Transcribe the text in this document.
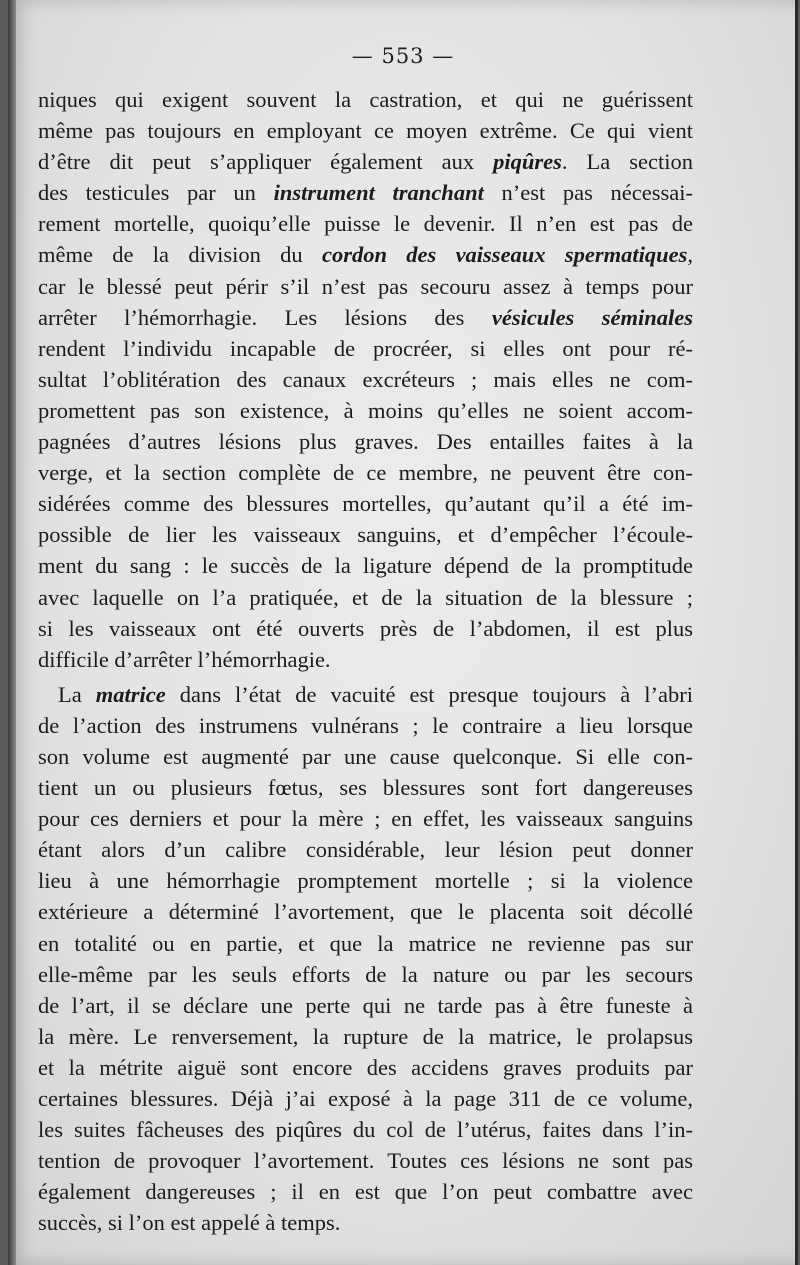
— 553 —
niques qui exigent souvent la castration, et qui ne guérissent
même pas toujours en employant ce moyen extrême. Ce qui vient
d’être dit peut s’appliquer également aux piqûres. La section
des testicules par un instrument tranchant n’est pas nécessai-
rement mortelle, quoiqu’elle puisse le devenir. Il n’en est pas de
même de la division du cordon des vaisseaux spermatiques,
car le blessé peut périr s’il n’est pas secouru assez à temps pour
arrêter l’hémorrhagie. Les lésions des vésicules séminales
rendent l’individu incapable de procréer, si elles ont pour ré-
sultat l’oblitération des canaux excréteurs ; mais elles ne com-
promettent pas son existence, à moins qu’elles ne soient accom-
pagnées d’autres lésions plus graves. Des entailles faites à la
verge, et la section complète de ce membre, ne peuvent être con-
sidérées comme des blessures mortelles, qu’autant qu’il a été im-
possible de lier les vaisseaux sanguins, et d’empêcher l’écoule-
ment du sang : le succès de la ligature dépend de la promptitude
avec laquelle on l’a pratiquée, et de la situation de la blessure ;
si les vaisseaux ont été ouverts près de l’abdomen, il est plus
difficile d’arrêter l’hémorrhagie.
La matrice dans l’état de vacuité est presque toujours à l’abri
de l’action des instrumens vulnérans ; le contraire a lieu lorsque
son volume est augmenté par une cause quelconque. Si elle con-
tient un ou plusieurs fœtus, ses blessures sont fort dangereuses
pour ces derniers et pour la mère ; en effet, les vaisseaux sanguins
étant alors d’un calibre considérable, leur lésion peut donner
lieu à une hémorrhagie promptement mortelle ; si la violence
extérieure a déterminé l’avortement, que le placenta soit décollé
en totalité ou en partie, et que la matrice ne revienne pas sur
elle-même par les seuls efforts de la nature ou par les secours
de l’art, il se déclare une perte qui ne tarde pas à être funeste à
la mère. Le renversement, la rupture de la matrice, le prolapsus
et la métrite aiguë sont encore des accidens graves produits par
certaines blessures. Déjà j’ai exposé à la page 311 de ce volume,
les suites fâcheuses des piqûres du col de l’utérus, faites dans l’in-
tention de provoquer l’avortement. Toutes ces lésions ne sont pas
également dangereuses ; il en est que l’on peut combattre avec
succès, si l’on est appelé à temps.
